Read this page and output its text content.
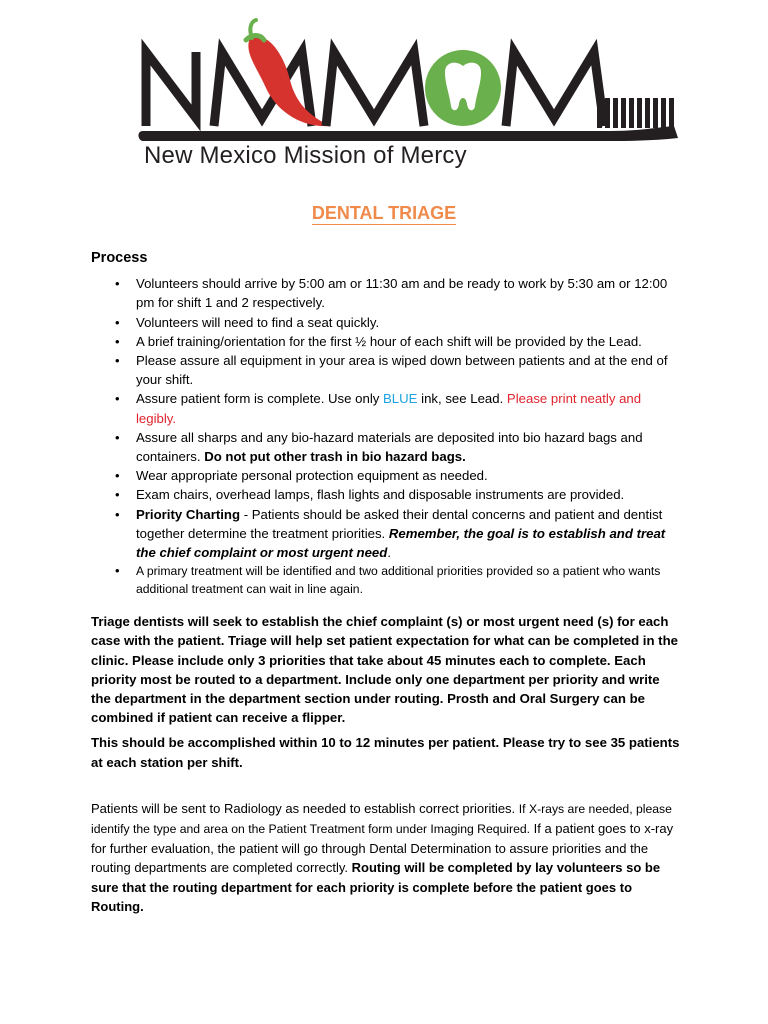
New Mexico Mission of Mercy
DENTAL TRIAGE
Process
• Volunteers should arrive by 5:00 am or 11:30 am and be ready to work by 5:30 am or 12:00 pm for shift 1 and 2 respectively.
• Volunteers will need to find a seat quickly.
• A brief training/orientation for the first ½ hour of each shift will be provided by the Lead.
• Please assure all equipment in your area is wiped down between patients and at the end of your shift.
• Assure patient form is complete. Use only BLUE ink, see Lead. Please print neatly and legibly.
• Assure all sharps and any bio-hazard materials are deposited into bio hazard bags and containers. Do not put other trash in bio hazard bags.
• Wear appropriate personal protection equipment as needed.
• Exam chairs, overhead lamps, flash lights and disposable instruments are provided.
• Priority Charting - Patients should be asked their dental concerns and patient and dentist together determine the treatment priorities. Remember, the goal is to establish and treat the chief complaint or most urgent need.
• A primary treatment will be identified and two additional priorities provided so a patient who wants additional treatment can wait in line again.

Triage dentists will seek to establish the chief complaint (s) or most urgent need (s) for each case with the patient. Triage will help set patient expectation for what can be completed in the clinic. Please include only 3 priorities that take about 45 minutes each to complete. Each priority most be routed to a department. Include only one department per priority and write the department in the department section under routing. Prosth and Oral Surgery can be combined if patient can receive a flipper.

This should be accomplished within 10 to 12 minutes per patient. Please try to see 35 patients at each station per shift.

Patients will be sent to Radiology as needed to establish correct priorities. If X-rays are needed, please identify the type and area on the Patient Treatment form under Imaging Required. If a patient goes to x-ray for further evaluation, the patient will go through Dental Determination to assure priorities and the routing departments are completed correctly. Routing will be completed by lay volunteers so be sure that the routing department for each priority is complete before the patient goes to Routing.
